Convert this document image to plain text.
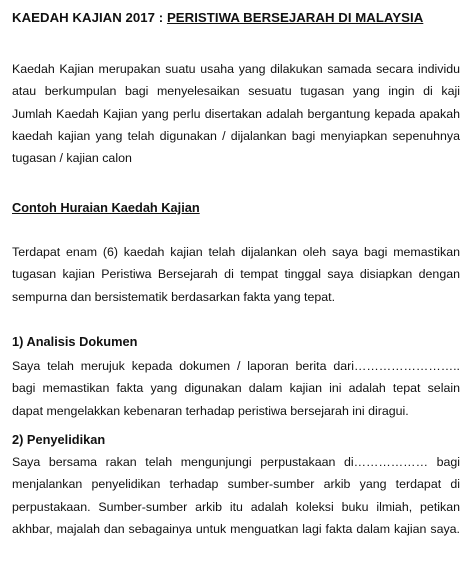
KAEDAH KAJIAN 2017 : PERISTIWA BERSEJARAH DI MALAYSIA
Kaedah Kajian merupakan suatu usaha yang dilakukan samada secara individu
atau berkumpulan bagi menyelesaikan sesuatu tugasan yang ingin di kaji
Jumlah Kaedah Kajian yang perlu disertakan adalah bergantung kepada apakah
kaedah kajian yang telah digunakan / dijalankan bagi menyiapkan sepenuhnya
tugasan / kajian calon
Contoh Huraian Kaedah Kajian
Terdapat enam (6) kaedah kajian telah dijalankan oleh saya bagi memastikan
tugasan kajian Peristiwa Bersejarah di tempat tinggal saya disiapkan dengan
sempurna dan bersistematik berdasarkan fakta yang tepat.
1) Analisis Dokumen
Saya telah merujuk kepada dokumen / laporan berita dari……………………..
bagi memastikan fakta yang digunakan dalam kajian ini adalah tepat selain
dapat mengelakkan kebenaran terhadap peristiwa bersejarah ini diragui.
2) Penyelidikan
Saya bersama rakan telah mengunjungi perpustakaan di……………… bagi
menjalankan penyelidikan terhadap sumber-sumber arkib yang terdapat di
perpustakaan. Sumber-sumber arkib itu adalah koleksi buku ilmiah, petikan
akhbar, majalah dan sebagainya untuk menguatkan lagi fakta dalam kajian saya.
